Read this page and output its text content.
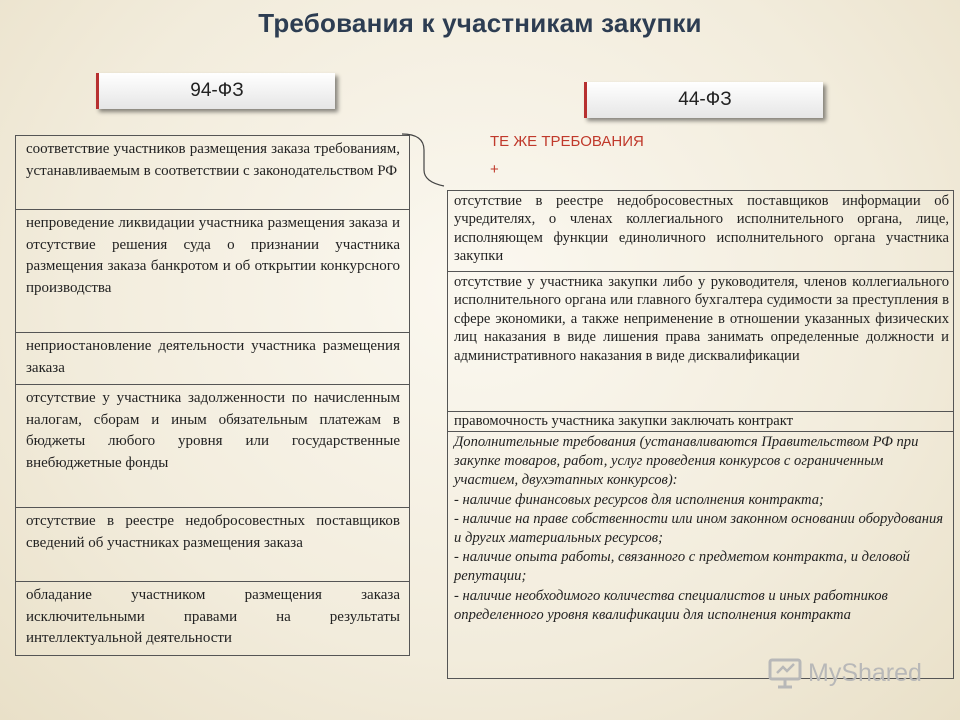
Требования к участникам закупки
94-ФЗ	44-ФЗ
соответствие участников размещения заказа требованиям, устанавливаемым в соответствии с законодательством РФ
непроведение ликвидации участника размещения заказа и отсутствие решения суда о признании участника размещения заказа банкротом и об открытии конкурсного производства
неприостановление деятельности участника размещения заказа
отсутствие у участника задолженности по начисленным налогам, сборам и иным обязательным платежам в бюджеты любого уровня или государственные внебюджетные фонды
отсутствие в реестре недобросовестных поставщиков сведений об участниках размещения заказа
обладание участником размещения заказа исключительными правами на результаты интеллектуальной деятельности
ТЕ ЖЕ ТРЕБОВАНИЯ
+
отсутствие в реестре недобросовестных поставщиков информации об учредителях, о членах коллегиального исполнительного органа, лице, исполняющем функции единоличного исполнительного органа участника закупки
отсутствие у участника закупки либо у руководителя, членов коллегиального исполнительного органа или главного бухгалтера судимости за преступления в сфере экономики, а также неприменение в отношении указанных физических лиц наказания в виде лишения права занимать определенные должности и административного наказания в виде дисквалификации
правомочность участника закупки заключать контракт
Дополнительные требования (устанавливаются Правительством РФ при закупке товаров, работ, услуг проведения конкурсов с ограниченным участием, двухэтапных конкурсов):
- наличие финансовых ресурсов для исполнения контракта;
- наличие на праве собственности или ином законном основании оборудования и других материальных ресурсов;
- наличие опыта работы, связанного с предметом контракта, и деловой репутации;
- наличие необходимого количества специалистов и иных работников определенного уровня квалификации для исполнения контракта
MyShared
